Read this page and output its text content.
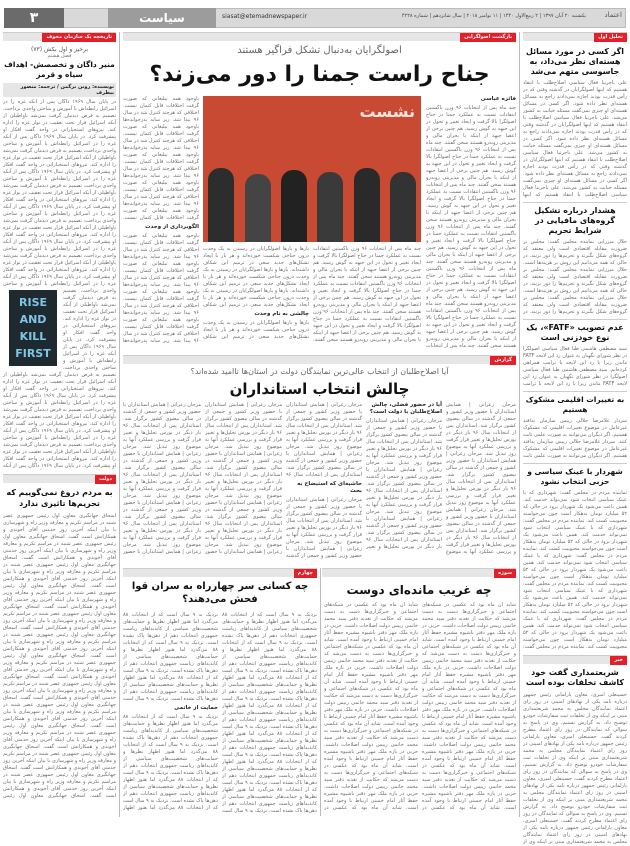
۳	سیاست	siasat@etemadnewspaper.ir	یکشنبه ۲۰ آبان ۱۳۹۷ | ۲ ربیع‌الاول ۱۴۴۰ | ۱۱ نوامبر ۲۰۱۸ | سال شانزدهم | شماره ۴۲۲۸	اعتماد
تحلیل اول
اگر کسی در مورد مسائل هسته‌ای نظر می‌داد، به جاسوسی متهم می‌شد
علی باجرنیا فعال سیاسی اصلاح‌طلب با انتقاد هستیم که اینها اصولگرایان در گذشته وقتی که در رأس قدرت بودند اجازه نمی‌دادند راجع به مسائل هسته‌ای نظر داده شود. اگر کسی در مسائل هسته‌ای او چیزی نمی‌گفت مسئله خیانت به کشور می‌شد. علی باجرنیا فعال سیاسی اصلاح‌طلب با انتقاد هستیم که اینها اصولگرایان در گذشته وقتی که در رأس قدرت بودند اجازه نمی‌دادند راجع به مسائل هسته‌ای نظر داده شود. اگر کسی در مسائل هسته‌ای او چیزی نمی‌گفت مسئله خیانت به کشور می‌شد. علی باجرنیا فعال سیاسی اصلاح‌طلب با انتقاد هستیم که اینها اصولگرایان در گذشته وقتی که در رأس قدرت بودند اجازه نمی‌دادند راجع به مسائل هسته‌ای نظر داده شود. اگر کسی در مسائل هسته‌ای او چیزی نمی‌گفت مسئله خیانت به کشور می‌شد. علی باجرنیا فعال سیاسی اصلاح‌طلب با انتقاد هستیم که اینها
هشدار درباره تشکیل گروه‌های مافیایی در شرایط تحریم
جلال میرزایی نماینده مجلس گفت: مجلس بر ضرورت مقابله اقتصادی است ولی معتقد که گروه‌های شکل بگیرند و تحریم‌ها را دور بزنند. در حالی که همه می‌دانیم این روش بر هزینه‌ها است. جلال میرزایی نماینده مجلس گفت: مجلس بر ضرورت مقابله اقتصادی است ولی معتقد که گروه‌های شکل بگیرند و تحریم‌ها را دور بزنند. در حالی که همه می‌دانیم این روش بر هزینه‌ها است. جلال میرزایی نماینده مجلس گفت: مجلس بر ضرورت مقابله اقتصادی است ولی معتقد که گروه‌های شکل بگیرند و تحریم‌ها را دور بزنند. در
عدم تصویب «FATF»، یک نوع خودزنی است
سید مصطفی هاشمی طبا فعال سیاسی اصولگرا در نظر شورای نگهبان به عنوان رد این لایحه FATF ماندن زیرا با رد این لایحه با ترامپ همراهی کرده‌ایم. سید مصطفی هاشمی طبا فعال سیاسی اصولگرا در نظر شورای نگهبان به عنوان رد این لایحه FATF ماندن زیرا با رد این لایحه با ترامپ
به تغییرات اقلیمی مشکوک هستیم
سردار غلامرضا جلالی رییس سازمان پدافند غیرعامل در موضوع تغییرات اقلیمی که مشکوک هستیم. اگر دیگران می‌توانند به صورت علمی ثابت کنند. سردار غلامرضا جلالی رییس سازمان پدافند غیرعامل در موضوع تغییرات اقلیمی که مشکوک هستیم. اگر دیگران می‌توانند به صورت علمی ثابت
شهردار با عینک سیاسی و حزبی انتخاب نشود
نماینده مردم در مجلس گفت: شهرداری که با عینک سیاسی انتخاب شود نمی‌تواند خدمت کند. همین باعث می‌شود یک شهردار برود در حالی که ۵۲ میلیارد تومان بدهکار است چون می‌خواسته محبوبیت کسب کند. نماینده مردم در مجلس گفت: شهرداری که با عینک سیاسی انتخاب شود نمی‌تواند خدمت کند. همین باعث می‌شود یک شهردار برود در حالی که ۵۲ میلیارد تومان بدهکار است چون می‌خواسته محبوبیت کسب کند. نماینده مردم در مجلس گفت: شهرداری که با عینک سیاسی انتخاب شود نمی‌تواند خدمت کند. همین باعث می‌شود یک شهردار برود در حالی که ۵۲ میلیارد تومان بدهکار است چون می‌خواسته محبوبیت کسب کند. نماینده مردم در مجلس گفت: شهرداری که با عینک سیاسی انتخاب شود نمی‌تواند خدمت کند. همین باعث می‌شود یک شهردار برود در حالی که ۵۲ میلیارد تومان بدهکار است چون می‌خواسته محبوبیت کسب کند. نماینده مردم در مجلس گفت: شهرداری که با عینک سیاسی انتخاب شود نمی‌تواند خدمت کند. همین باعث می‌شود یک شهردار برود در حالی که ۵۲ میلیارد تومان بدهکار است چون می‌خواسته محبوبیت کسب کند. نماینده مردم در مجلس گفت:
خبر
شریعتمداری گفت خود کاشف تخلفات بوده است
حسینعلی امیری، معاون پارلمانی رئیس جمهور درباره نامه یکی از نهادهای امنیتی در روز رای اعتماد نمایندگان مجلس به محمد شریعتمداری مبنی بر اینکه وی از تخلفات ثبت سفارشات خودرو توضیح داد. به گزارش تسنیم، وی در پاسخ به سوالی که نمایندگان در روز رای اعتماد مطرح کردند گفت. حسینعلی امیری، معاون پارلمانی رئیس جمهور درباره نامه یکی از نهادهای امنیتی در روز رای اعتماد نمایندگان مجلس به محمد شریعتمداری مبنی بر اینکه وی از تخلفات ثبت سفارشات خودرو توضیح داد. به گزارش تسنیم، وی در پاسخ به سوالی که نمایندگان در روز رای اعتماد مطرح کردند گفت. حسینعلی امیری، معاون پارلمانی رئیس جمهور درباره نامه یکی از نهادهای امنیتی در روز رای اعتماد نمایندگان مجلس به محمد شریعتمداری مبنی بر اینکه وی از تخلفات ثبت سفارشات خودرو توضیح داد. به گزارش تسنیم، وی در پاسخ به سوالی که نمایندگان در روز رای اعتماد مطرح کردند گفت. حسینعلی امیری، معاون پارلمانی رئیس جمهور درباره نامه یکی از نهادهای امنیتی در روز رای اعتماد نمایندگان مجلس به محمد شریعتمداری مبنی بر اینکه وی از
تاریخچه یک سازمان مخوف
برخیز و اول بکش (۷۳)
فصل هشتم
منیر داگان و تخصصش- اهداف سیاه و قرمز
نویسنده: رونن برگمن / ترجمه: منصور بیطرف
RISE AND KILL FIRST
در پایان سال ۱۹۶۹ داگان پس از آنکه غزه را در اسرائیل رابطه‌اش با آموزش و ساختن واحدی برداخت، تصمیم به فرض دیدمان گرفت نمی‌شد باواطیلی از آنکه اسرائیل قرار تحت تعقیب در نوار غزه را اداره کند. نیروهای استخباراتی در واحد گفت افکار او پیشرفت کرد. در پایان سال ۱۹۶۹ داگان پس از آنکه غزه را در اسرائیل رابطه‌اش با آموزش و ساختن واحدی برداخت، تصمیم به فرض دیدمان گرفت نمی‌شد باواطیلی از آنکه اسرائیل قرار تحت تعقیب در نوار غزه را اداره کند. نیروهای استخباراتی در واحد گفت افکار او پیشرفت کرد. در پایان سال ۱۹۶۹ داگان پس از آنکه غزه را در اسرائیل رابطه‌اش با آموزش و ساختن واحدی برداخت، تصمیم به فرض دیدمان گرفت نمی‌شد باواطیلی از آنکه اسرائیل قرار تحت تعقیب در نوار غزه را اداره کند. نیروهای استخباراتی در واحد گفت افکار او پیشرفت کرد. در پایان سال ۱۹۶۹ داگان پس از آنکه غزه را در اسرائیل رابطه‌اش با آموزش و ساختن واحدی برداخت، تصمیم به فرض دیدمان گرفت نمی‌شد باواطیلی از آنکه اسرائیل قرار تحت تعقیب در نوار غزه را اداره کند. نیروهای استخباراتی در واحد گفت افکار او پیشرفت کرد. در پایان سال ۱۹۶۹ داگان پس از آنکه غزه را در اسرائیل رابطه‌اش با آموزش و ساختن واحدی برداخت، تصمیم به فرض دیدمان گرفت نمی‌شد باواطیلی از آنکه اسرائیل قرار تحت تعقیب در نوار غزه را اداره کند. نیروهای استخباراتی در واحد گفت افکار او پیشرفت کرد. در پایان سال ۱۹۶۹ داگان پس از آنکه غزه را در اسرائیل رابطه‌اش با آموزش و ساختن واحدی برداخت، تصمیم به فرض دیدمان گرفت نمی‌شد باواطیلی از آنکه اسرائیل قرار تحت تعقیب در نوار غزه را اداره کند. نیروهای استخباراتی در واحد گفت افکار او پیشرفت کرد. در پایان سال ۱۹۶۹ داگان پس از آنکه غزه را در اسرائیل رابطه‌اش با آموزش و ساختن واحدی برداخت، تصمیم به فرض دیدمان گرفت نمی‌شد باواطیلی از آنکه اسرائیل قرار تحت تعقیب در نوار غزه را اداره کند. نیروهای استخباراتی در واحد گفت افکار او پیشرفت کرد. در پایان سال ۱۹۶۹ داگان پس از آنکه غزه را در اسرائیل رابطه‌اش با آموزش و ساختن واحدی برداخت، تصمیم به فرض دیدمان گرفت نمی‌شد باواطیلی از آنکه اسرائیل قرار تحت تعقیب در نوار غزه را اداره کند. نیروهای استخباراتی در واحد گفت افکار او پیشرفت کرد. در پایان سال ۱۹۶۹ داگان پس از آنکه غزه را در اسرائیل رابطه‌اش با آموزش و ساختن واحدی برداخت، تصمیم به فرض دیدمان گرفت نمی‌شد باواطیلی از آنکه اسرائیل قرار تحت تعقیب در نوار غزه را اداره کند. نیروهای استخباراتی در واحد گفت افکار او پیشرفت کرد. در پایان سال ۱۹۶۹ داگان پس از آنکه
دولت
به مردم دروغ نمی‌گوییم که تحریم‌ها تاثیری ندارد
اسحاق جهانگیری معاون اول رئیس جمهوری عصر شنبه در مراسم تکریم و معارفه وزیر راه و شهرسازی با بیان اینکه آخرین روز خدمتی آقای آخوندی و همکارانش است گفت. اسحاق جهانگیری معاون اول رئیس جمهوری عصر شنبه در مراسم تکریم و معارفه وزیر راه و شهرسازی با بیان اینکه آخرین روز خدمتی آقای آخوندی و همکارانش است گفت. اسحاق جهانگیری معاون اول رئیس جمهوری عصر شنبه در مراسم تکریم و معارفه وزیر راه و شهرسازی با بیان اینکه آخرین روز خدمتی آقای آخوندی و همکارانش است گفت. اسحاق جهانگیری معاون اول رئیس جمهوری عصر شنبه در مراسم تکریم و معارفه وزیر راه و شهرسازی با بیان اینکه آخرین روز خدمتی آقای آخوندی و همکارانش است گفت. اسحاق جهانگیری معاون اول رئیس جمهوری عصر شنبه در مراسم تکریم و معارفه وزیر راه و شهرسازی با بیان اینکه آخرین روز خدمتی آقای آخوندی و همکارانش است گفت. اسحاق جهانگیری معاون اول رئیس جمهوری عصر شنبه در مراسم تکریم و معارفه وزیر راه و شهرسازی با بیان اینکه آخرین روز خدمتی آقای آخوندی و همکارانش است گفت. اسحاق جهانگیری معاون اول رئیس جمهوری عصر شنبه در مراسم تکریم و معارفه وزیر راه و شهرسازی با بیان اینکه آخرین روز خدمتی آقای آخوندی و همکارانش است گفت. اسحاق جهانگیری معاون اول رئیس جمهوری عصر شنبه در مراسم تکریم و معارفه وزیر راه و شهرسازی با بیان اینکه آخرین روز خدمتی آقای آخوندی و همکارانش است گفت. اسحاق جهانگیری معاون اول رئیس جمهوری عصر شنبه در مراسم تکریم و معارفه وزیر راه و شهرسازی با بیان اینکه آخرین روز خدمتی آقای آخوندی و همکارانش است گفت. اسحاق جهانگیری معاون اول رئیس جمهوری عصر شنبه در مراسم تکریم و معارفه وزیر راه و شهرسازی با بیان اینکه آخرین روز خدمتی آقای آخوندی و همکارانش است گفت. اسحاق جهانگیری معاون اول رئیس جمهوری عصر شنبه در مراسم تکریم و معارفه وزیر راه و شهرسازی با بیان اینکه آخرین روز خدمتی آقای آخوندی و همکارانش است گفت. اسحاق جهانگیری معاون اول رئیس جمهوری عصر شنبه در مراسم تکریم و معارفه وزیر راه و شهرسازی با بیان اینکه آخرین روز خدمتی آقای آخوندی و همکارانش است گفت. اسحاق جهانگیری معاون اول رئیس
بازگشت اصولگرایی
اصولگرایان به‌دنبال تشکل فراگیر هستند
جناح راست جمنا را دور می‌زند؟
نشست
فائزه عباسی
چند ماه پس از انتخابات ۹۶ وزن باگستین انتقادات نسبت به عملکرد جمنا در جناح اصولگرا بالا گرفت و ایجاد تغییر و تحول در این جبهه به گوش رسید. هم چنین برخی از اعضا جبهه از اینکه با بحران مالی و مدیریتی روبه‌رو هستند سخن گفتند. چند ماه پس از انتخابات ۹۶ وزن باگستین انتقادات نسبت به عملکرد جمنا در جناح اصولگرا بالا گرفت و ایجاد تغییر و تحول در این جبهه به گوش رسید. هم چنین برخی از اعضا جبهه از اینکه با بحران مالی و مدیریتی روبه‌رو هستند سخن گفتند. چند ماه پس از انتخابات ۹۶ وزن باگستین انتقادات نسبت به عملکرد جمنا در جناح اصولگرا بالا گرفت و ایجاد تغییر و تحول در این جبهه به گوش رسید. هم چنین برخی از اعضا جبهه از اینکه با بحران مالی و مدیریتی روبه‌رو هستند سخن گفتند. چند ماه پس از انتخابات ۹۶ وزن باگستین انتقادات نسبت به عملکرد جمنا در جناح اصولگرا بالا گرفت و ایجاد تغییر و تحول در این جبهه به گوش رسید. هم چنین برخی از اعضا جبهه از اینکه با بحران مالی و مدیریتی روبه‌رو هستند سخن گفتند. چند ماه پس از انتخابات ۹۶ وزن باگستین انتقادات نسبت به عملکرد جمنا در جناح اصولگرا بالا گرفت و ایجاد تغییر و تحول در این جبهه به گوش رسید. هم چنین برخی از اعضا جبهه از اینکه با بحران مالی و مدیریتی روبه‌رو هستند سخن گفتند. چند ماه پس از انتخابات ۹۶ وزن باگستین انتقادات نسبت به عملکرد جمنا در جناح اصولگرا بالا گرفت و ایجاد تغییر و تحول در این جبهه به گوش رسید. هم چنین برخی از اعضا جبهه از اینکه با بحران مالی و مدیریتی روبه‌رو هستند سخن گفتند. چند ماه پس از انتخابات
باوجود همه تبلیغاتی که صورت گرفت اختلافات قابل کتمان نیست. اختلافی که هرچند کنترل شد در سال ۹۶ پیدا شد. زیر سایه پدرخوانده‌ها باوجود همه تبلیغاتی که صورت گرفت اختلافات قابل کتمان نیست. اختلافی که هرچند کنترل شد در سال ۹۶ پیدا شد. زیر سایه پدرخوانده‌ها باوجود همه تبلیغاتی که صورت گرفت اختلافات قابل کتمان نیست. اختلافی که هرچند کنترل شد در سال ۹۶ پیدا شد. زیر سایه پدرخوانده‌ها باوجود همه تبلیغاتی که صورت گرفت اختلافات قابل کتمان نیست. اختلافی که هرچند کنترل شد در سال ۹۶ پیدا شد. زیر سایه پدرخوانده‌ها باوجود همه تبلیغاتی که صورت گرفت اختلافات قابل کتمان نیست.
الگوبرداری از وحدت
باوجود همه تبلیغاتی که صورت گرفت اختلافات قابل کتمان نیست. اختلافی که هرچند کنترل شد در سال ۹۶ پیدا شد. زیر سایه پدرخوانده‌ها باوجود همه تبلیغاتی که صورت گرفت اختلافات قابل کتمان نیست. اختلافی که هرچند کنترل شد در سال ۹۶ پیدا شد. زیر سایه پدرخوانده‌ها باوجود همه تبلیغاتی که صورت گرفت اختلافات قابل کتمان نیست. اختلافی که هرچند کنترل شد در سال ۹۶ پیدا شد. زیر سایه پدرخوانده‌ها باوجود همه تبلیغاتی که صورت گرفت اختلافات قابل کتمان نیست. اختلافی که هرچند کنترل شد در سال ۹۶ پیدا شد. زیر سایه پدرخوانده‌ها
بارها و بارها اصولگرایان در رسیدن به یک وحدت درون جناحی شکست خورده‌اند و هر بار با ایجاد تشکل‌های جدید سعی در ترمیم این شکاف داشته‌اند. بارها و بارها اصولگرایان در رسیدن به یک وحدت درون جناحی شکست خورده‌اند و هر بار با ایجاد تشکل‌های جدید سعی در ترمیم این شکاف داشته‌اند. بارها و بارها اصولگرایان در رسیدن به یک وحدت درون جناحی شکست خورده‌اند و هر بار با ایجاد تشکل‌های جدید سعی در ترمیم این شکاف
چالشی به نام وحدت
بارها و بارها اصولگرایان در رسیدن به یک وحدت درون جناحی شکست خورده‌اند و هر بار با ایجاد تشکل‌های جدید سعی در ترمیم این شکاف
چند ماه پس از انتخابات ۹۶ وزن باگستین انتقادات نسبت به عملکرد جمنا در جناح اصولگرا بالا گرفت و ایجاد تغییر و تحول در این جبهه به گوش رسید. هم چنین برخی از اعضا جبهه از اینکه با بحران مالی و مدیریتی روبه‌رو هستند سخن گفتند. چند ماه پس از انتخابات ۹۶ وزن باگستین انتقادات نسبت به عملکرد جمنا در جناح اصولگرا بالا گرفت و ایجاد تغییر و تحول در این جبهه به گوش رسید. هم چنین برخی از اعضا جبهه از اینکه با بحران مالی و مدیریتی روبه‌رو هستند سخن گفتند. چند ماه پس از انتخابات ۹۶ وزن باگستین انتقادات نسبت به عملکرد جمنا در جناح اصولگرا بالا گرفت و ایجاد تغییر و تحول در این جبهه به گوش رسید. هم چنین برخی از اعضا جبهه از اینکه با بحران مالی و مدیریتی روبه‌رو هستند سخن گفتند.
گزارش
آیا اصلاح‌طلبان از انتخاب عالی‌ترین نمایندگان دولت در استان‌ها ناامید شده‌اند؟
چالش انتخاب استانداران
مرجان زعرانی | همایش استانداران با حضور وزیر کشور و جمعی از گذشته در سالن بیضوی کشور برگزار شد. استانداران پس از انتخابات سال ۹۶ بار دیگر در بورس تحلیل‌ها و تغییر قرار گرفت و بررسی عملکرد آنها به موضوع روز تبدیل شد. مرجان زعرانی | همایش استانداران با حضور وزیر کشور و جمعی از گذشته در سالن بیضوی کشور برگزار شد. استانداران پس از انتخابات سال ۹۶ بار دیگر در بورس تحلیل‌ها و تغییر قرار گرفت و بررسی عملکرد آنها به موضوع روز تبدیل شد. مرجان زعرانی | همایش استانداران با حضور وزیر کشور و جمعی از گذشته در سالن بیضوی کشور برگزار شد. استانداران پس از انتخابات سال ۹۶ بار دیگر در بورس تحلیل‌ها و تغییر قرار گرفت و بررسی عملکرد آنها به موضوع
آیا در حضور فضلی، چالش اصلاح‌طلبان با دولت است؟
مرجان زعرانی | همایش استانداران با حضور وزیر کشور و جمعی از گذشته در سالن بیضوی کشور برگزار شد. استانداران پس از انتخابات سال ۹۶ بار دیگر در بورس تحلیل‌ها و تغییر قرار گرفت و بررسی عملکرد آنها به موضوع روز تبدیل شد. مرجان زعرانی | همایش استانداران با حضور وزیر کشور و جمعی از گذشته در سالن بیضوی کشور برگزار شد. استانداران پس از انتخابات سال ۹۶ بار دیگر در بورس تحلیل‌ها و تغییر قرار گرفت و بررسی عملکرد آنها به موضوع روز تبدیل شد. مرجان زعرانی | همایش استانداران با حضور وزیر کشور و جمعی از گذشته در سالن بیضوی کشور برگزار شد. استانداران پس از انتخابات سال ۹۶ بار دیگر در بورس تحلیل‌ها و تغییر
مرجان زعرانی | همایش استانداران با حضور وزیر کشور و جمعی از گذشته در سالن بیضوی کشور برگزار شد. استانداران پس از انتخابات سال ۹۶ بار دیگر در بورس تحلیل‌ها و تغییر قرار گرفت و بررسی عملکرد آنها به موضوع روز تبدیل شد. مرجان زعرانی | همایش استانداران با حضور وزیر کشور و جمعی از گذشته در سالن بیضوی کشور برگزار شد. استانداران پس از انتخابات سال ۹۶
حاشیه‌ای که استیضاح به بحث
مرجان زعرانی | همایش استانداران با حضور وزیر کشور و جمعی از گذشته در سالن بیضوی کشور برگزار شد. استانداران پس از انتخابات سال ۹۶ بار دیگر در بورس تحلیل‌ها و تغییر قرار گرفت و بررسی عملکرد آنها به موضوع روز تبدیل شد. مرجان زعرانی | همایش استانداران با حضور وزیر کشور و جمعی از گذشته
مرجان زعرانی | همایش استانداران با حضور وزیر کشور و جمعی از گذشته در سالن بیضوی کشور برگزار شد. استانداران پس از انتخابات سال ۹۶ بار دیگر در بورس تحلیل‌ها و تغییر قرار گرفت و بررسی عملکرد آنها به موضوع روز تبدیل شد. مرجان زعرانی | همایش استانداران با حضور وزیر کشور و جمعی از گذشته در سالن بیضوی کشور برگزار شد. استانداران پس از انتخابات سال ۹۶ بار دیگر در بورس تحلیل‌ها و تغییر قرار گرفت و بررسی عملکرد آنها به موضوع روز تبدیل شد. مرجان زعرانی | همایش استانداران با حضور وزیر کشور و جمعی از گذشته در سالن بیضوی کشور برگزار شد. استانداران پس از انتخابات سال ۹۶ بار دیگر در بورس تحلیل‌ها و تغییر قرار گرفت و بررسی عملکرد آنها به موضوع روز تبدیل شد. مرجان زعرانی | همایش استانداران با حضور
مرجان زعرانی | همایش استانداران با حضور وزیر کشور و جمعی از گذشته در سالن بیضوی کشور برگزار شد. استانداران پس از انتخابات سال ۹۶ بار دیگر در بورس تحلیل‌ها و تغییر قرار گرفت و بررسی عملکرد آنها به موضوع روز تبدیل شد. مرجان زعرانی | همایش استانداران با حضور وزیر کشور و جمعی از گذشته در سالن بیضوی کشور برگزار شد. استانداران پس از انتخابات سال ۹۶ بار دیگر در بورس تحلیل‌ها و تغییر قرار گرفت و بررسی عملکرد آنها به موضوع روز تبدیل شد. مرجان زعرانی | همایش استانداران با حضور وزیر کشور و جمعی از گذشته در سالن بیضوی کشور برگزار شد. استانداران پس از انتخابات سال ۹۶ بار دیگر در بورس تحلیل‌ها و تغییر قرار گرفت و بررسی عملکرد آنها به موضوع روز تبدیل شد. مرجان زعرانی | همایش استانداران با حضور
سوژه
چه غریب مانده‌ای دوست
شاید آن ماه بود که عکسی در شبکه‌های اجتماعی و خبرگزاری‌ها دست به دست می‌شد که حکایت از تغذیه دفتر سید محمد خاتمی رییس دولت اصلاحات داشت. حزبی در بازه ملک مهر دفتر باشیوه مشیره حفظ آثار امام خمینی ارتباط با وجود آمده است. شاید آن ماه بود که عکسی در شبکه‌های اجتماعی و خبرگزاری‌ها دست به دست می‌شد که حکایت از تغذیه دفتر سید محمد خاتمی رییس دولت اصلاحات داشت. حزبی در بازه ملک مهر دفتر باشیوه مشیره حفظ آثار امام خمینی ارتباط با وجود آمده است. شاید آن ماه بود که عکسی در شبکه‌های اجتماعی و خبرگزاری‌ها دست به دست می‌شد که حکایت از تغذیه دفتر سید محمد خاتمی رییس دولت اصلاحات داشت. حزبی در بازه ملک مهر دفتر باشیوه مشیره حفظ آثار امام خمینی ارتباط با وجود آمده است. شاید آن ماه بود که عکسی در شبکه‌های اجتماعی و خبرگزاری‌ها دست به دست می‌شد که حکایت از تغذیه دفتر سید محمد خاتمی رییس دولت اصلاحات داشت. حزبی در بازه ملک مهر دفتر باشیوه مشیره حفظ آثار امام خمینی ارتباط با وجود آمده است. شاید آن ماه بود که عکسی در شبکه‌های اجتماعی و خبرگزاری‌ها دست به دست می‌شد که حکایت از تغذیه دفتر سید محمد خاتمی رییس دولت اصلاحات داشت. حزبی در بازه ملک مهر دفتر باشیوه مشیره حفظ آثار امام خمینی ارتباط با وجود آمده است. شاید آن ماه بود که عکسی در
شاید آن ماه بود که عکسی در شبکه‌های اجتماعی و خبرگزاری‌ها دست به دست می‌شد که حکایت از تغذیه دفتر سید محمد خاتمی رییس دولت اصلاحات داشت. حزبی در بازه ملک مهر دفتر باشیوه مشیره حفظ آثار امام خمینی ارتباط با وجود آمده است. شاید آن ماه بود که عکسی در شبکه‌های اجتماعی و خبرگزاری‌ها دست به دست می‌شد که حکایت از تغذیه دفتر سید محمد خاتمی رییس دولت اصلاحات داشت. حزبی در بازه ملک مهر دفتر باشیوه مشیره حفظ آثار امام خمینی ارتباط با وجود آمده است. شاید آن ماه بود که عکسی در شبکه‌های اجتماعی و خبرگزاری‌ها دست به دست می‌شد که حکایت از تغذیه دفتر سید محمد خاتمی رییس دولت اصلاحات داشت. حزبی در بازه ملک مهر دفتر باشیوه مشیره حفظ آثار امام خمینی ارتباط با وجود آمده است. شاید آن ماه بود که عکسی در شبکه‌های اجتماعی و خبرگزاری‌ها دست به دست می‌شد که حکایت از تغذیه دفتر سید محمد خاتمی رییس دولت اصلاحات داشت. حزبی در بازه ملک مهر دفتر باشیوه مشیره حفظ آثار امام خمینی ارتباط با وجود آمده است. شاید آن ماه بود که عکسی در شبکه‌های اجتماعی و خبرگزاری‌ها دست به دست می‌شد که حکایت از تغذیه دفتر سید محمد خاتمی رییس دولت اصلاحات داشت. حزبی در بازه ملک مهر دفتر باشیوه مشیره حفظ آثار امام خمینی ارتباط با وجود آمده است. شاید آن ماه بود که عکسی در
چهارم
چه کسانی سر چهارراه به سران قوا فحش می‌دهند؟
نزدیک به ۹ سال است که از انتخابات ۸۸ می‌گذرد اما هنوز اظهار نظرها و حمایت‌های شخصیت‌های سیاسی از کاندیداهای ریاست جمهوری انتخابات دهم از ذهن‌ها پاک نشده است. نزدیک به ۹ سال است که از انتخابات ۸۸ می‌گذرد اما هنوز اظهار نظرها و حمایت‌های شخصیت‌های سیاسی از کاندیداهای ریاست جمهوری انتخابات دهم از ذهن‌ها پاک نشده است. نزدیک به ۹ سال است که از انتخابات ۸۸ می‌گذرد اما هنوز اظهار نظرها و حمایت‌های شخصیت‌های سیاسی از کاندیداهای ریاست جمهوری انتخابات دهم از ذهن‌ها پاک نشده است. نزدیک به ۹ سال است که از انتخابات ۸۸ می‌گذرد اما هنوز اظهار نظرها و حمایت‌های شخصیت‌های سیاسی از کاندیداهای ریاست جمهوری انتخابات دهم از ذهن‌ها پاک نشده است. نزدیک به ۹ سال است که از انتخابات ۸۸ می‌گذرد اما هنوز اظهار نظرها و حمایت‌های شخصیت‌های سیاسی از کاندیداهای ریاست جمهوری انتخابات دهم از ذهن‌ها پاک نشده است. نزدیک به ۹ سال است که از انتخابات ۸۸ می‌گذرد اما هنوز اظهار نظرها و حمایت‌های شخصیت‌های سیاسی از کاندیداهای ریاست جمهوری انتخابات دهم از ذهن‌ها پاک نشده است. نزدیک به ۹ سال است که از انتخابات ۸۸ می‌گذرد اما هنوز اظهار نظرها و حمایت‌های شخصیت‌های سیاسی از کاندیداهای ریاست جمهوری انتخابات دهم از ذهن‌ها پاک نشده است. نزدیک به ۹ سال است
نزدیک به ۹ سال است که از انتخابات ۸۸ می‌گذرد اما هنوز اظهار نظرها و حمایت‌های شخصیت‌های سیاسی از کاندیداهای ریاست جمهوری انتخابات دهم از ذهن‌ها پاک نشده است. نزدیک به ۹ سال است که از انتخابات ۸۸ می‌گذرد اما هنوز اظهار نظرها و حمایت‌های شخصیت‌های سیاسی از کاندیداهای ریاست جمهوری انتخابات دهم از ذهن‌ها پاک نشده است. نزدیک به ۹ سال است که از انتخابات ۸۸ می‌گذرد اما هنوز اظهار نظرها و حمایت‌های شخصیت‌های سیاسی از کاندیداهای ریاست جمهوری انتخابات دهم از ذهن‌ها پاک نشده است. نزدیک به ۹ سال است
حمایت از خاتمی
نزدیک به ۹ سال است که از انتخابات ۸۸ می‌گذرد اما هنوز اظهار نظرها و حمایت‌های شخصیت‌های سیاسی از کاندیداهای ریاست جمهوری انتخابات دهم از ذهن‌ها پاک نشده است. نزدیک به ۹ سال است که از انتخابات ۸۸ می‌گذرد اما هنوز اظهار نظرها و حمایت‌های شخصیت‌های سیاسی از کاندیداهای ریاست جمهوری انتخابات دهم از ذهن‌ها پاک نشده است. نزدیک به ۹ سال است که از انتخابات ۸۸ می‌گذرد اما هنوز اظهار نظرها و حمایت‌های شخصیت‌های سیاسی از کاندیداهای ریاست جمهوری انتخابات دهم از ذهن‌ها پاک نشده است. نزدیک به ۹ سال است که از انتخابات ۸۸ می‌گذرد اما هنوز اظهار
